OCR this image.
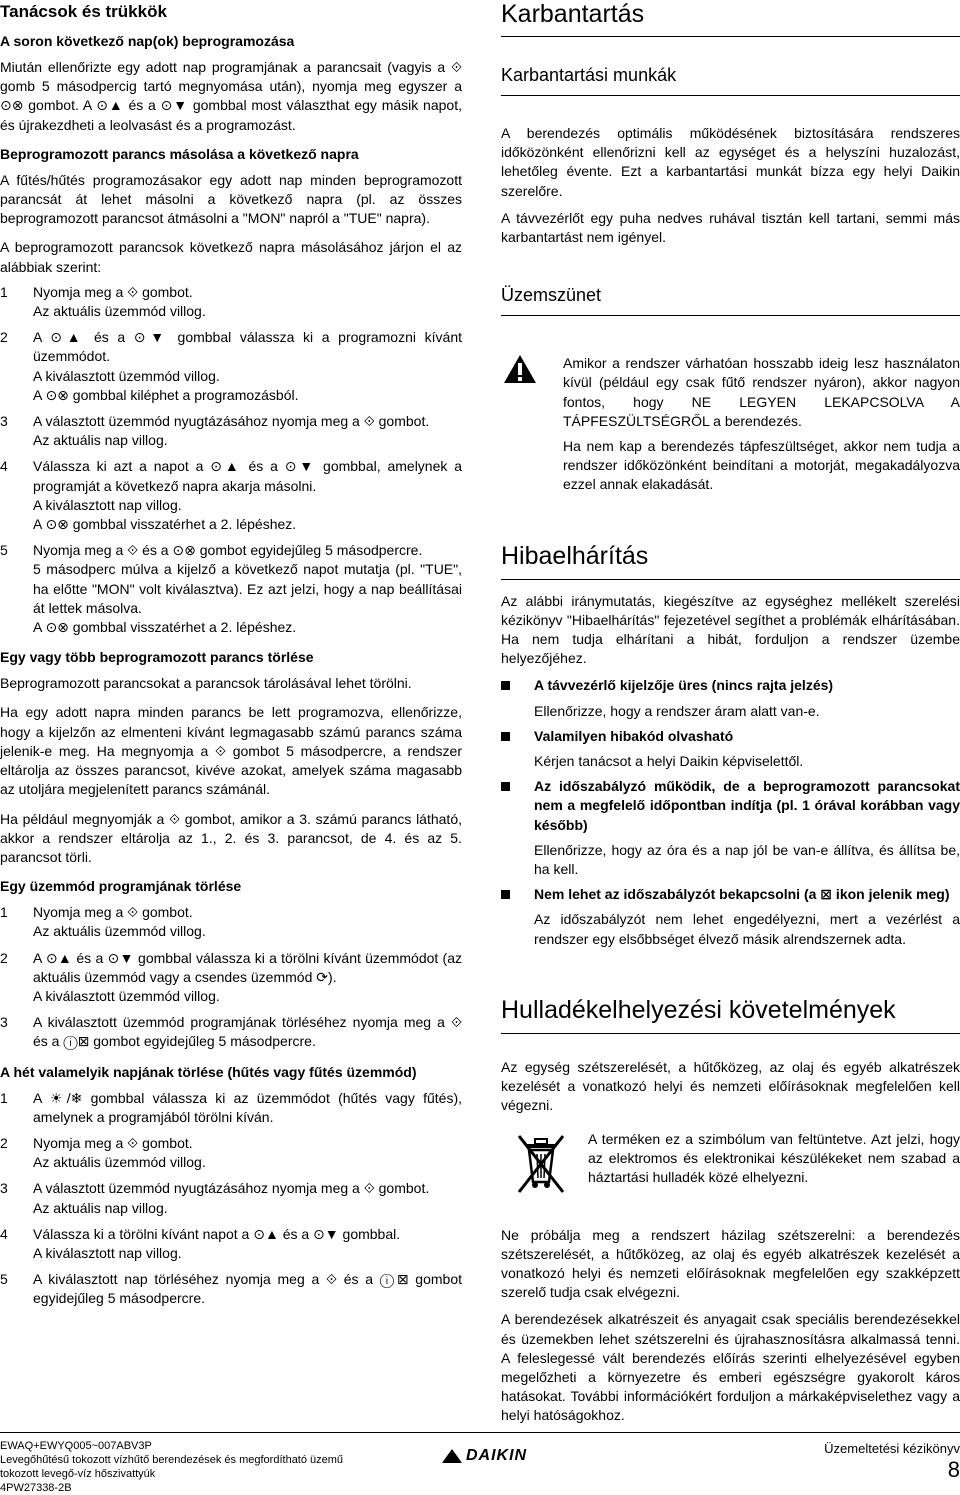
Tanácsok és trükkök
A soron következő nap(ok) beprogramozása

Miután ellenőrizte egy adott nap programjának a parancsait (vagyis a ⟐ gomb 5 másodpercig tartó megnyomása után), nyomja meg egyszer a ⊙⊗ gombot. A ⊙▲ és a ⊙▼ gombbal most választhat egy másik napot, és újrakezdheti a leolvasást és a programozást.

Beprogramozott parancs másolása a következő napra

A fűtés/hűtés programozásakor egy adott nap minden beprogramozott parancsát át lehet másolni a következő napra (pl. az összes beprogramozott parancsot átmásolni a "MON" napról a "TUE" napra).

A beprogramozott parancsok következő napra másolásához járjon el az alábbiak szerint:

1 Nyomja meg a ⟐ gombot.
Az aktuális üzemmód villog.
2 A ⊙▲ és a ⊙▼ gombbal válassza ki a programozni kívánt üzemmódot.
A kiválasztott üzemmód villog.
A ⊙⊗ gombbal kiléphet a programozásból.
3 A választott üzemmód nyugtázásához nyomja meg a ⟐ gombot.
Az aktuális nap villog.
4 Válassza ki azt a napot a ⊙▲ és a ⊙▼ gombbal, amelynek a programját a következő napra akarja másolni.
A kiválasztott nap villog.
A ⊙⊗ gombbal visszatérhet a 2. lépéshez.
5 Nyomja meg a ⟐ és a ⊙⊗ gombot egyidejűleg 5 másodpercre.
5 másodperc múlva a kijelző a következő napot mutatja (pl. "TUE", ha előtte "MON" volt kiválasztva). Ez azt jelzi, hogy a nap beállításai át lettek másolva.
A ⊙⊗ gombbal visszatérhet a 2. lépéshez.
Egy vagy több beprogramozott parancs törlése

Beprogramozott parancsokat a parancsok tárolásával lehet törölni.

Ha egy adott napra minden parancs be lett programozva, ellenőrizze, hogy a kijelzőn az elmenteni kívánt legmagasabb számú parancs száma jelenik-e meg. Ha megnyomja a ⟐ gombot 5 másodpercre, a rendszer eltárolja az összes parancsot, kivéve azokat, amelyek száma magasabb az utoljára megjelenített parancs számánál.

Ha például megnyomják a ⟐ gombot, amikor a 3. számú parancs látható, akkor a rendszer eltárolja az 1., 2. és 3. parancsot, de 4. és az 5. parancsot törli.

Egy üzemmód programjának törlése
1 Nyomja meg a ⟐ gombot.
Az aktuális üzemmód villog.
2 A ⊙▲ és a ⊙▼ gombbal válassza ki a törölni kívánt üzemmódot (az aktuális üzemmód vagy a csendes üzemmód ⟳).
A kiválasztott üzemmód villog.
3 A kiválasztott üzemmód programjának törléséhez nyomja meg a ⟐ és a ⓘ⊠ gombot egyidejűleg 5 másodpercre.
A hét valamelyik napjának törlése (hűtés vagy fűtés üzemmód)
1 A ☀/❄ gombbal válassza ki az üzemmódot (hűtés vagy fűtés), amelynek a programjából törölni kíván.
2 Nyomja meg a ⟐ gombot.
Az aktuális üzemmód villog.
3 A választott üzemmód nyugtázásához nyomja meg a ⟐ gombot.
Az aktuális nap villog.
4 Válassza ki a törölni kívánt napot a ⊙▲ és a ⊙▼ gombbal.
A kiválasztott nap villog.
5 A kiválasztott nap törléséhez nyomja meg a ⟐ és a ⓘ⊠ gombot egyidejűleg 5 másodpercre.
Karbantartás
Karbantartási munkák

A berendezés optimális működésének biztosítására rendszeres időközönként ellenőrizni kell az egységet és a helyszíni huzalozást, lehetőleg évente. Ezt a karbantartási munkát bízza egy helyi Daikin szerelőre.

A távvezérlőt egy puha nedves ruhával tisztán kell tartani, semmi más karbantartást nem igényel.

Üzemszünet

Amikor a rendszer várhatóan hosszabb ideig lesz használaton kívül (például egy csak fűtő rendszer nyáron), akkor nagyon fontos, hogy NE LEGYEN LEKAPCSOLVA A TÁPFESZÜLTSÉGRŐL a berendezés.

Ha nem kap a berendezés tápfeszültséget, akkor nem tudja a rendszer időközönként beindítani a motorját, megakadályozva ezzel annak elakadását.

Hibaelhárítás

Az alábbi iránymutatás, kiegészítve az egységhez mellékelt szerelési kézikönyv "Hibaelhárítás" fejezetével segíthet a problémák elhárításában. Ha nem tudja elhárítani a hibát, forduljon a rendszer üzembe helyezőjéhez.

A távvezérlő kijelzője üres (nincs rajta jelzés)
Ellenőrizze, hogy a rendszer áram alatt van-e.
Valamilyen hibakód olvasható
Kérjen tanácsot a helyi Daikin képviselettől.
Az időszabályzó működik, de a beprogramozott parancsokat nem a megfelelő időpontban indítja (pl. 1 órával korábban vagy később)
Ellenőrizze, hogy az óra és a nap jól be van-e állítva, és állítsa be, ha kell.
Nem lehet az időszabályzót bekapcsolni (a ⊠ ikon jelenik meg)
Az időszabályzót nem lehet engedélyezni, mert a vezérlést a rendszer egy elsőbbséget élvező másik alrendszernek adta.
Hulladékelhelyezési követelmények

Az egység szétszerelését, a hűtőközeg, az olaj és egyéb alkatrészek kezelését a vonatkozó helyi és nemzeti előírásoknak megfelelően kell végezni.

A terméken ez a szimbólum van feltüntetve. Azt jelzi, hogy az elektromos és elektronikai készülékeket nem szabad a háztartási hulladék közé elhelyezni.

Ne próbálja meg a rendszert házilag szétszerelni: a berendezés szétszerelését, a hűtőközeg, az olaj és egyéb alkatrészek kezelését a vonatkozó helyi és nemzeti előírásoknak megfelelően egy szakképzett szerelő tudja csak elvégezni.

A berendezések alkatrészeit és anyagait csak speciális berendezésekkel és üzemekben lehet szétszerelni és újrahasznosításra alkalmassá tenni. A feleslegessé vált berendezés előírás szerinti elhelyezésével egyben megelőzheti a környezetre és emberi egészségre gyakorolt káros hatásokat. További információkért forduljon a márkaképviselethez vagy a helyi hatóságokhoz.

EWAQ+EWYQ005~007ABV3P
Levegőhűtésű tokozott vízhűtő berendezések és megfordítható üzemű
tokozott levegő-víz hőszivattyúk
4PW27338-2B
DAIKIN	Üzemeltetési kézikönyv
8
